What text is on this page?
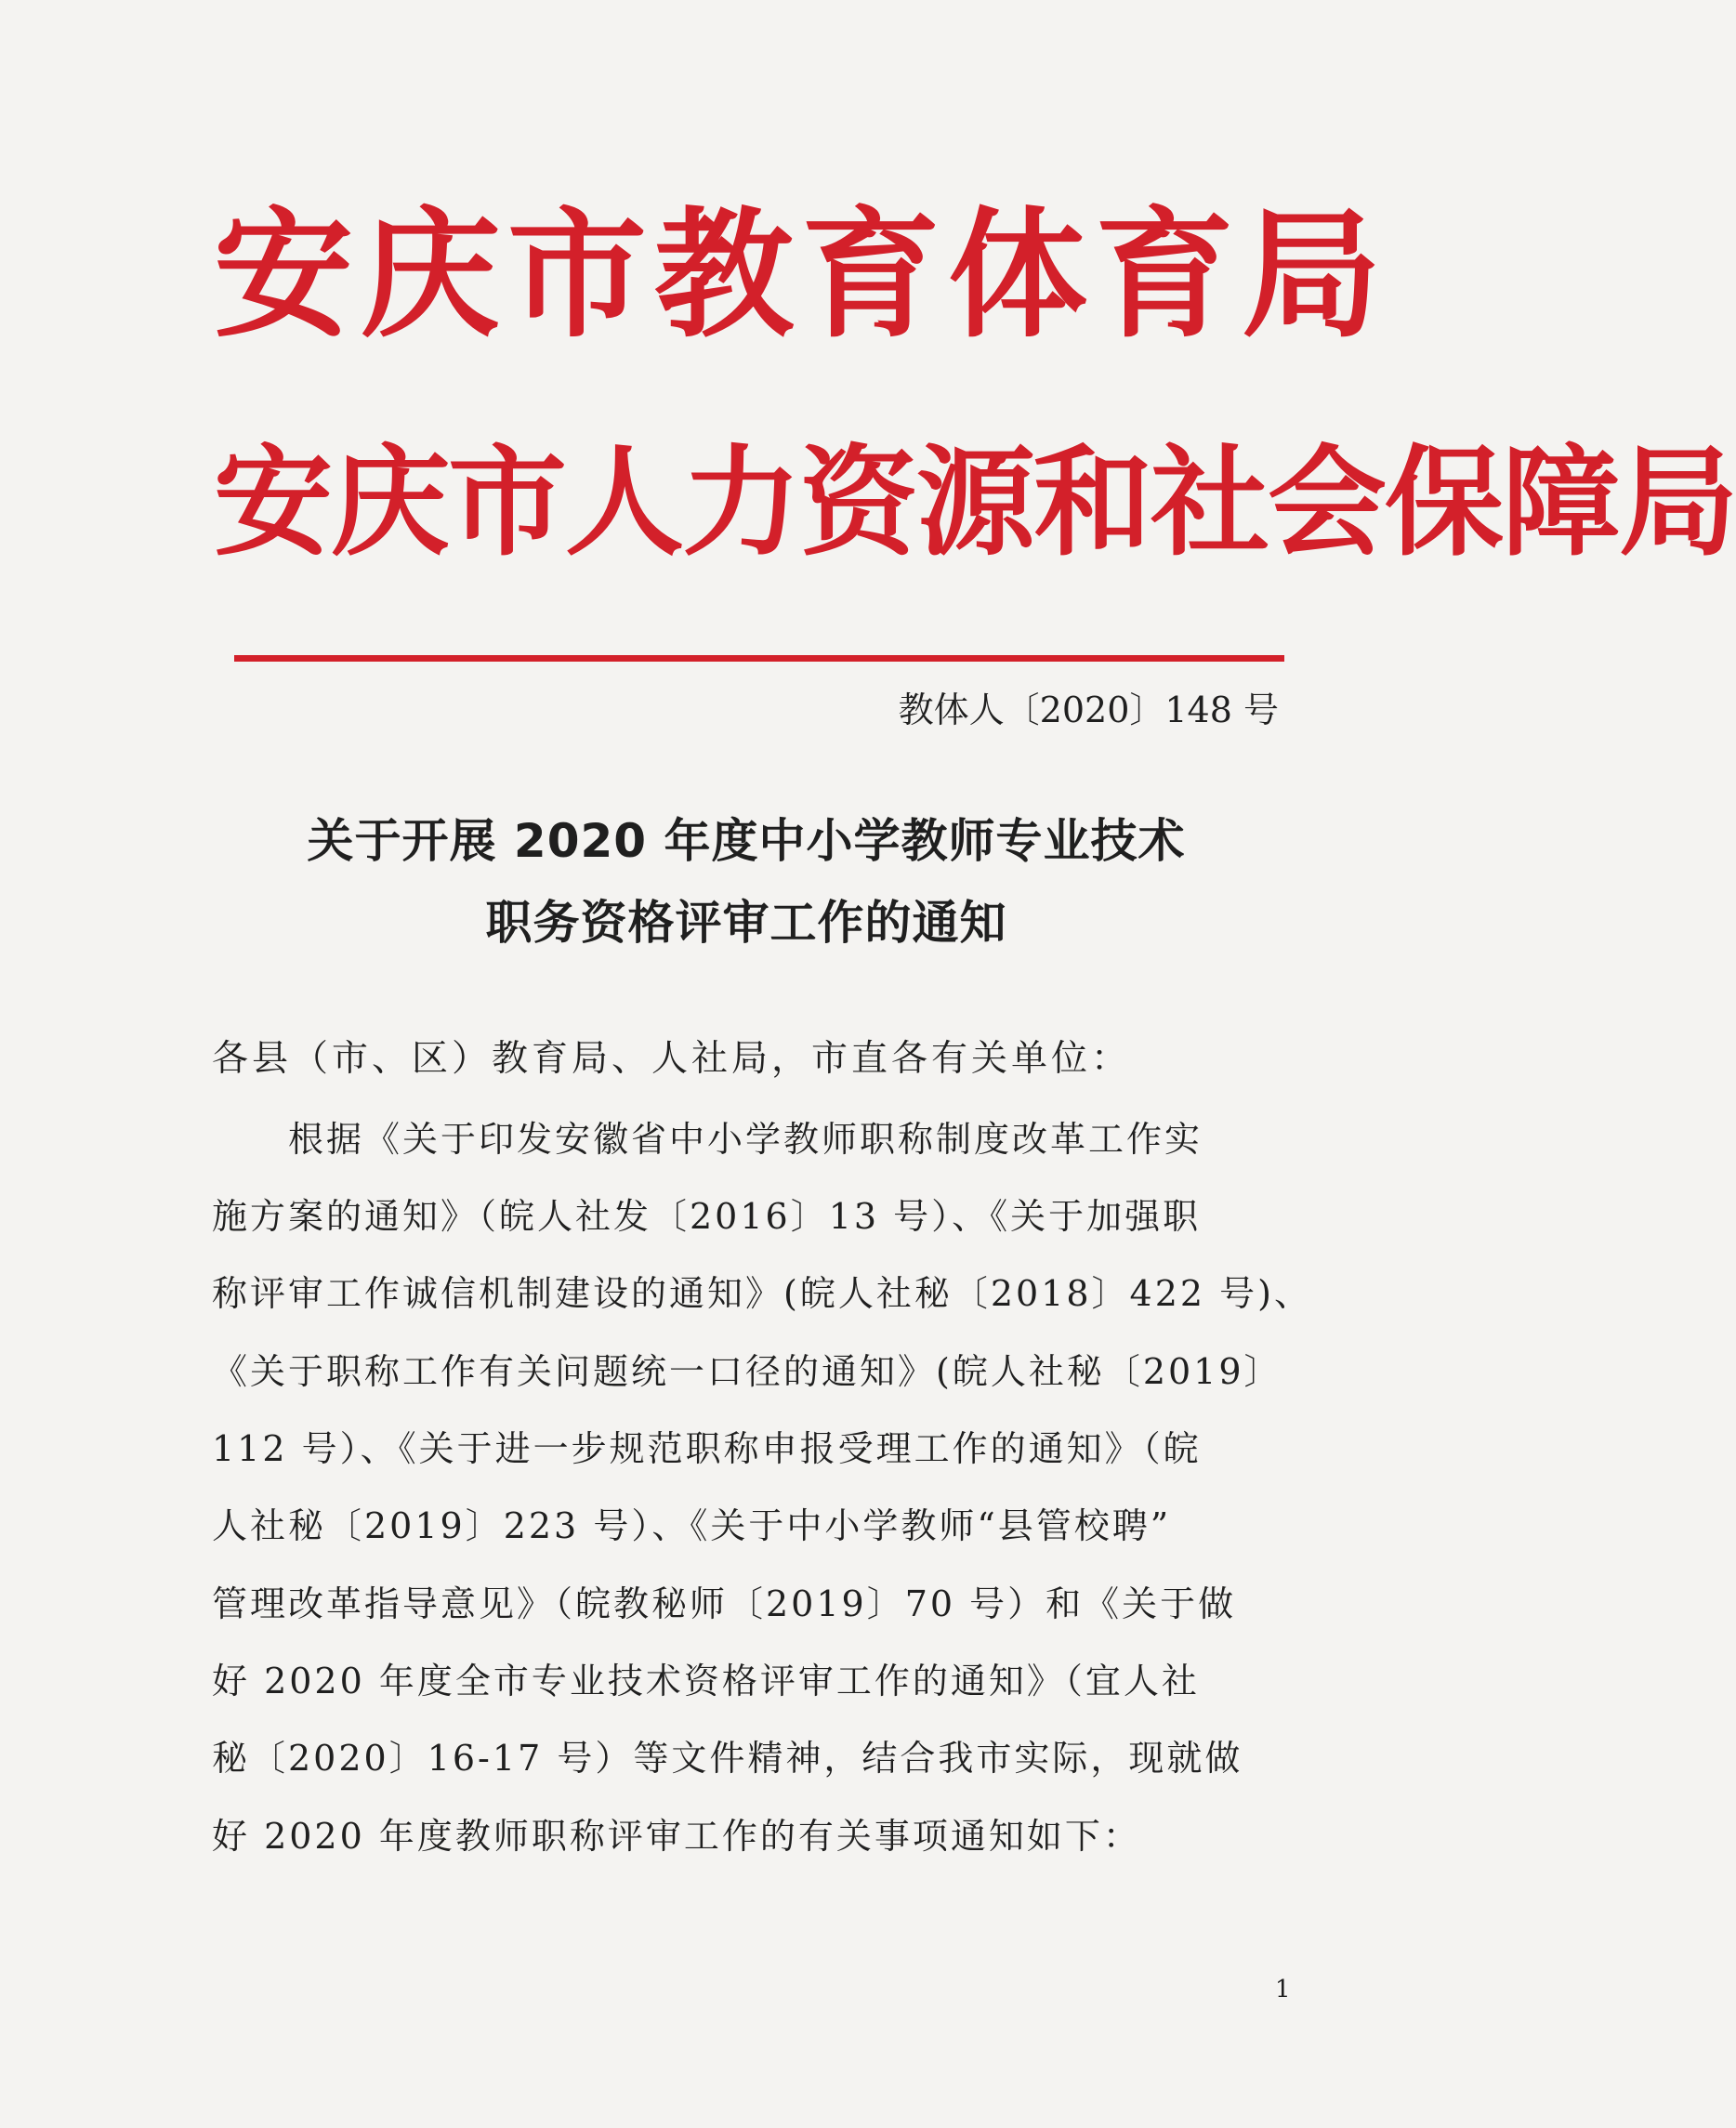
安庆市教育体育局
安庆市人力资源和社会保障局
教体人〔2020〕148 号
关于开展 2020 年度中小学教师专业技术
职务资格评审工作的通知
各县（市、区）教育局、人社局，市直各有关单位：
根据《关于印发安徽省中小学教师职称制度改革工作实
施方案的通知》（皖人社发〔2016〕13 号）、《关于加强职
称评审工作诚信机制建设的通知》(皖人社秘〔2018〕422 号)、
《关于职称工作有关问题统一口径的通知》(皖人社秘〔2019〕
112 号）、《关于进一步规范职称申报受理工作的通知》（皖
人社秘〔2019〕223 号）、《关于中小学教师“县管校聘”
管理改革指导意见》（皖教秘师〔2019〕70 号）和《关于做
好 2020 年度全市专业技术资格评审工作的通知》（宜人社
秘〔2020〕16-17 号）等文件精神，结合我市实际，现就做
好 2020 年度教师职称评审工作的有关事项通知如下：
1
